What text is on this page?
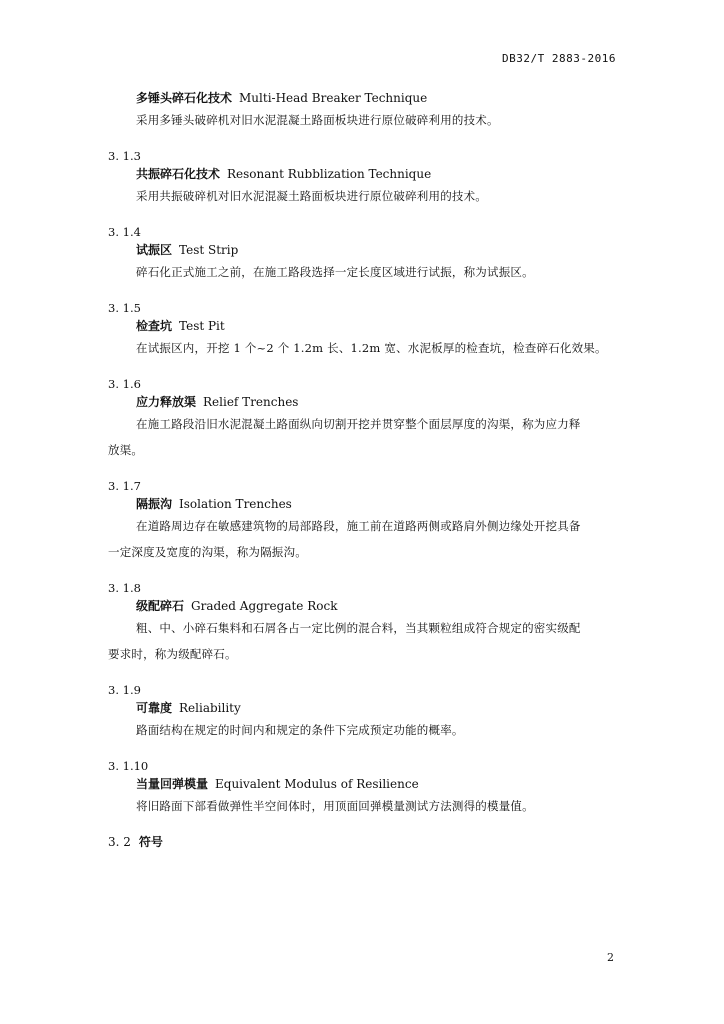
DB32/T 2883-2016
多锤头碎石化技术 Multi-Head Breaker Technique
采用多锤头破碎机对旧水泥混凝土路面板块进行原位破碎利用的技术。
3. 1.3
共振碎石化技术 Resonant Rubblization Technique
采用共振破碎机对旧水泥混凝土路面板块进行原位破碎利用的技术。
3. 1.4
试振区 Test Strip
碎石化正式施工之前，在施工路段选择一定长度区域进行试振，称为试振区。
3. 1.5
检查坑 Test Pit
在试振区内，开挖 1 个~2 个 1.2m 长、1.2m 宽、水泥板厚的检查坑，检查碎石化效果。
3. 1.6
应力释放渠 Relief Trenches
在施工路段沿旧水泥混凝土路面纵向切割开挖并贯穿整个面层厚度的沟渠，称为应力释
放渠。
3. 1.7
隔振沟 Isolation Trenches
在道路周边存在敏感建筑物的局部路段，施工前在道路两侧或路肩外侧边缘处开挖具备
一定深度及宽度的沟渠，称为隔振沟。
3. 1.8
级配碎石 Graded Aggregate Rock
粗、中、小碎石集料和石屑各占一定比例的混合料，当其颗粒组成符合规定的密实级配
要求时，称为级配碎石。
3. 1.9
可靠度 Reliability
路面结构在规定的时间内和规定的条件下完成预定功能的概率。
3. 1.10
当量回弹模量 Equivalent Modulus of Resilience
将旧路面下部看做弹性半空间体时，用顶面回弹模量测试方法测得的模量值。
3. 2 符号
2
